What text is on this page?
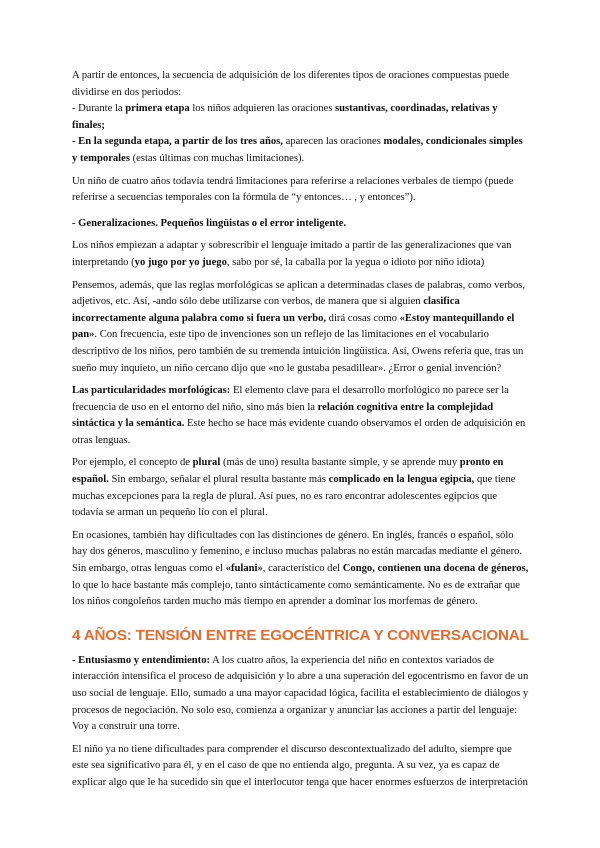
A partir de entonces, la secuencia de adquisición de los diferentes tipos de oraciones compuestas puede dividirse en dos periodos:
- Durante la primera etapa los niños adquieren las oraciones sustantivas, coordinadas, relativas y finales;
- En la segunda etapa, a partir de los tres años, aparecen las oraciones modales, condicionales simples y temporales (estas últimas con muchas limitaciones).

Un niño de cuatro años todavía tendrá limitaciones para referirse a relaciones verbales de tiempo (puede referirse a secuencias temporales con la fórmula de “y entonces… , y entonces”).

- Generalizaciones. Pequeños lingüistas o el error inteligente.

Los niños empiezan a adaptar y sobrescribir el lenguaje imitado a partir de las generalizaciones que van interpretando (yo jugo por yo juego, sabo por sé, la caballa por la yegua o idioto por niño idiota)

Pensemos, además, que las reglas morfológicas se aplican a determinadas clases de palabras, como verbos, adjetivos, etc. Así, -ando sólo debe utilizarse con verbos, de manera que si alguien clasifica incorrectamente alguna palabra como si fuera un verbo, dirá cosas como «Estoy mantequillando el pan». Con frecuencia, este tipo de invenciones son un reflejo de las limitaciones en el vocabulario descriptivo de los niños, pero también de su tremenda intuición lingüística. Así, Owens refería que, tras un sueño muy inquieto, un niño cercano dijo que «no le gustaba pesadillear». ¿Error o genial invención?

Las particularidades morfológicas: El elemento clave para el desarrollo morfológico no parece ser la frecuencia de uso en el entorno del niño, sino más bien la relación cognitiva entre la complejidad sintáctica y la semántica. Este hecho se hace más evidente cuando observamos el orden de adquisición en otras lenguas.

Por ejemplo, el concepto de plural (más de uno) resulta bastante simple, y se aprende muy pronto en español. Sin embargo, señalar el plural resulta bastante más complicado en la lengua egipcia, que tiene muchas excepciones para la regla de plural. Así pues, no es raro encontrar adolescentes egipcios que todavía se arman un pequeño lío con el plural.

En ocasiones, también hay dificultades con las distinciones de género. En inglés, francés o español, sólo hay dos géneros, masculino y femenino, e incluso muchas palabras no están marcadas mediante el género. Sin embargo, otras lenguas como el «fulani», característico del Congo, contienen una docena de géneros, lo que lo hace bastante más complejo, tanto sintácticamente como semánticamente. No es de extrañar que los niños congoleños tarden mucho más tiempo en aprender a dominar los morfemas de género.

4 AÑOS: TENSIÓN ENTRE EGOCÉNTRICA Y CONVERSACIONAL

- Entusiasmo y entendimiento: A los cuatro años, la experiencia del niño en contextos variados de interacción intensifica el proceso de adquisición y lo abre a una superación del egocentrismo en favor de un uso social de lenguaje. Ello, sumado a una mayor capacidad lógica, facilita el establecimiento de diálogos y procesos de negociación. No solo eso, comienza a organizar y anunciar las acciones a partir del lenguaje: Voy a construir una torre.

El niño ya no tiene dificultades para comprender el discurso descontextualizado del adulto, siempre que este sea significativo para él, y en el caso de que no entienda algo, pregunta. A su vez, ya es capaz de explicar algo que le ha sucedido sin que el interlocutor tenga que hacer enormes esfuerzos de interpretación
